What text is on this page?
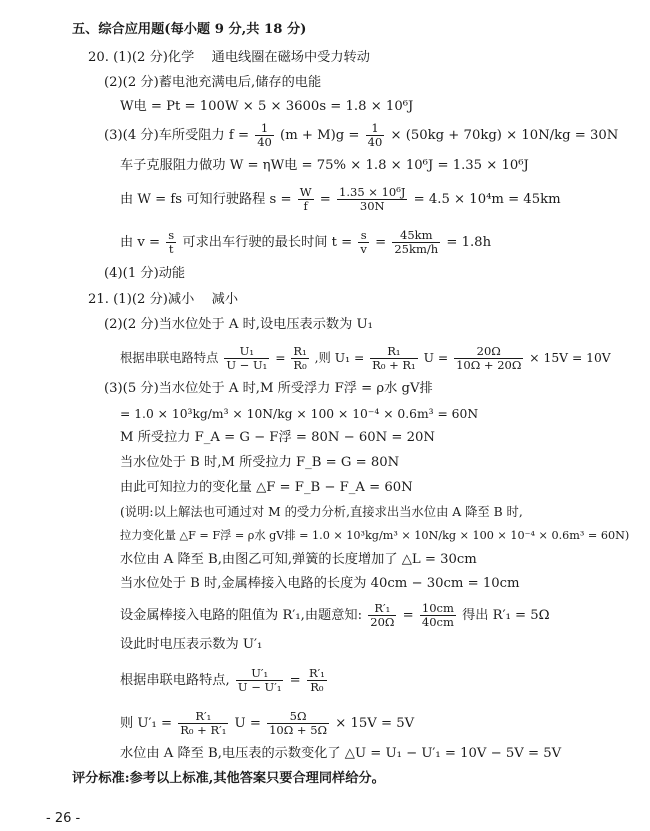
五、综合应用题(每小题 9 分,共 18 分)
20. (1)(2 分)化学　 通电线圈在磁场中受力转动
(2)(2 分)蓄电池充满电后,储存的电能
W电 = Pt = 100W × 5 × 3600s = 1.8 × 10⁶J
(3)(4 分)车所受阻力 $f = \frac{1}{40} (m + M)g = \frac{1}{40} \times (50kg + 70kg) \times 10N/kg = 30N$
车子克服阻力做功 W = ηW电 = 75% × 1.8 × 10⁶J = 1.35 × 10⁶J
由 W = fs 可知行驶路程 $s = \frac{W}{f} = \frac{\text{1.35 × 10⁶J}}{30N} = 4.5 \times 10^4m = 45km$
由 $v = \frac{s}{t}$ 可求出车行驶的最长时间 $t = \frac{s}{v} = \frac{45km}{25km/h} = 1.8h$
(4)(1 分)动能
21. (1)(2 分)减小　 减小
(2)(2 分)当水位处于 A 时,设电压表示数为 U₁
根据串联电路特点 $\frac{\text{U₁}}{\text{U − U₁}} = \frac{\text{R₁}}{\text{R₀}}$ ,则 $U_1 = \frac{\text{R₁}}{\text{R₀ + R₁}}$ $U = \frac{20\Omega}{10\Omega + 20\Omega} \times 15V = 10V$
(3)(5 分)当水位处于 A 时,M 所受浮力 F浮 = ρ水 gV排
= 1.0 × 10³kg/m³ × 10N/kg × 100 × 10⁻⁴ × 0.6m³ = 60N
M 所受拉力 F_A = G − F浮 = 80N − 60N = 20N
当水位处于 B 时,M 所受拉力 F_B = G = 80N
由此可知拉力的变化量 △F = F_B − F_A = 60N
(说明:以上解法也可通过对 M 的受力分析,直接求出当水位由 A 降至 B 时,
拉力变化量 △F = F浮 = ρ水 gV排 = 1.0 × 10³kg/m³ × 10N/kg × 100 × 10⁻⁴ × 0.6m³ = 60N)
水位由 A 降至 B,由图乙可知,弹簧的长度增加了 △L = 30cm
当水位处于 B 时,金属棒接入电路的长度为 40cm − 30cm = 10cm
设金属棒接入电路的阻值为 R′₁,由题意知: $\frac{\text{R′₁}}{20\Omega} = \frac{10cm}{40cm}$ 得出 R′₁ = 5Ω
设此时电压表示数为 U′₁
根据串联电路特点, $\frac{\text{U′₁}}{\text{U − U′₁}} = \frac{\text{R′₁}}{\text{R₀}}$
则 $U'_1 = \frac{\text{R′₁}}{\text{R₀ + R′₁}}$ $U = \frac{5\Omega}{10\Omega + 5\Omega} \times 15V = 5V$
水位由 A 降至 B,电压表的示数变化了 △U = U₁ − U′₁ = 10V − 5V = 5V
评分标准:参考以上标准,其他答案只要合理同样给分。
- 26 -
